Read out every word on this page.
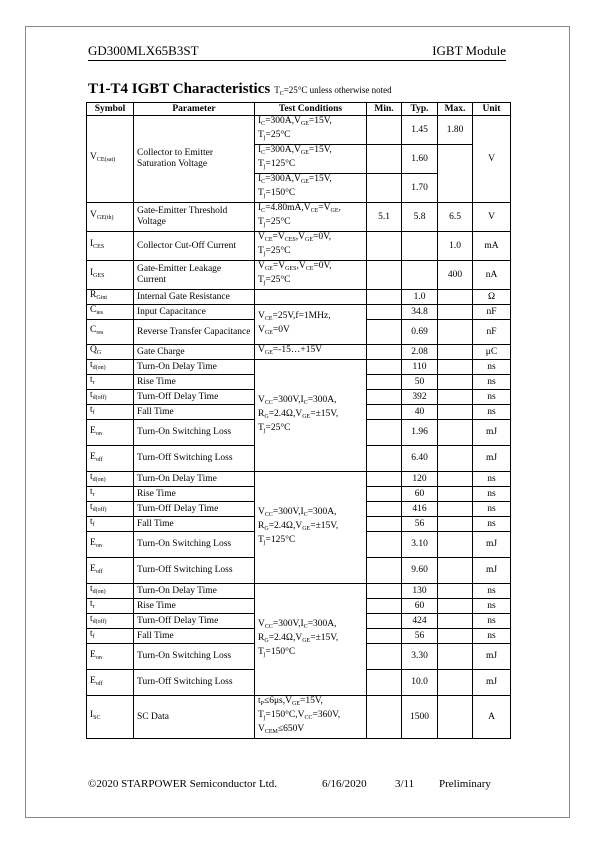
GD300MLX65B3ST	IGBT Module
T1-T4 IGBT Characteristics $T_C=25^\circ C$ unless otherwise noted
Symbol	Parameter	Test Conditions	Min.	Typ.	Max.	Unit
$V_{CE(sat)}$	Collector to Emitter Saturation Voltage	$I_C=300A,V_{GE}=15V$,
$T_j=25^\circ C$		1.45	1.80	V
		$I_C=300A,V_{GE}=15V$,
$T_j=125^\circ C$		1.60		
		$I_C=300A,V_{GE}=15V$,
$T_j=150^\circ C$		1.70		
$V_{GE(th)}$	Gate-Emitter Threshold Voltage	$I_C=4.80mA,V_{CE}=V_{GE}$,
$T_j=25^\circ C$	5.1	5.8	6.5	V
$I_{CES}$	Collector Cut-Off Current	$V_{CE}=V_{CES},V_{GE}=0V$,
$T_j=25^\circ C$			1.0	mA
$I_{GES}$	Gate-Emitter Leakage Current	$V_{GE}=V_{GES},V_{CE}=0V$,
$T_j=25^\circ C$			400	nA
$R_{Gint}$	Internal Gate Resistance			1.0		Ω
$C_{ies}$	Input Capacitance	$V_{CE}=25V,f=1MHz$,
$V_{GE}=0V$		34.8		nF
$C_{res}$	Reverse Transfer Capacitance			0.69		nF
$Q_G$	Gate Charge	$V_{GE}=-15\dots+15V$		2.08		μC
$t_{d(on)}$	Turn-On Delay Time	$V_{CC}=300V,I_C=300A$,
$R_G=2.4\Omega,V_{GE}=\pm 15V$,
$T_j=25^\circ C$		110		ns
$t_r$	Rise Time			50		ns
$t_{d(off)}$	Turn-Off Delay Time			392		ns
$t_f$	Fall Time			40		ns
$E_{on}$	Turn-On Switching Loss			1.96		mJ
$E_{off}$	Turn-Off Switching Loss			6.40		mJ
$t_{d(on)}$	Turn-On Delay Time	$V_{CC}=300V,I_C=300A$,
$R_G=2.4\Omega,V_{GE}=\pm 15V$,
$T_j=125^\circ C$		120		ns
$t_r$	Rise Time			60		ns
$t_{d(off)}$	Turn-Off Delay Time			416		ns
$t_f$	Fall Time			56		ns
$E_{on}$	Turn-On Switching Loss			3.10		mJ
$E_{off}$	Turn-Off Switching Loss			9.60		mJ
$t_{d(on)}$	Turn-On Delay Time	$V_{CC}=300V,I_C=300A$,
$R_G=2.4\Omega,V_{GE}=\pm 15V$,
$T_j=150^\circ C$		130		ns
$t_r$	Rise Time			60		ns
$t_{d(off)}$	Turn-Off Delay Time			424		ns
$t_f$	Fall Time			56		ns
$E_{on}$	Turn-On Switching Loss			3.30		mJ
$E_{off}$	Turn-Off Switching Loss			10.0		mJ
$I_{SC}$	SC Data	$t_P\le 6\mu s,V_{GE}=15V$,
$T_j=150^\circ C,V_{CC}=360V$,
$V_{CEM}\le 650V$		1500		A
©2020 STARPOWER Semiconductor Ltd.	6/16/2020	3/11 Preliminary
